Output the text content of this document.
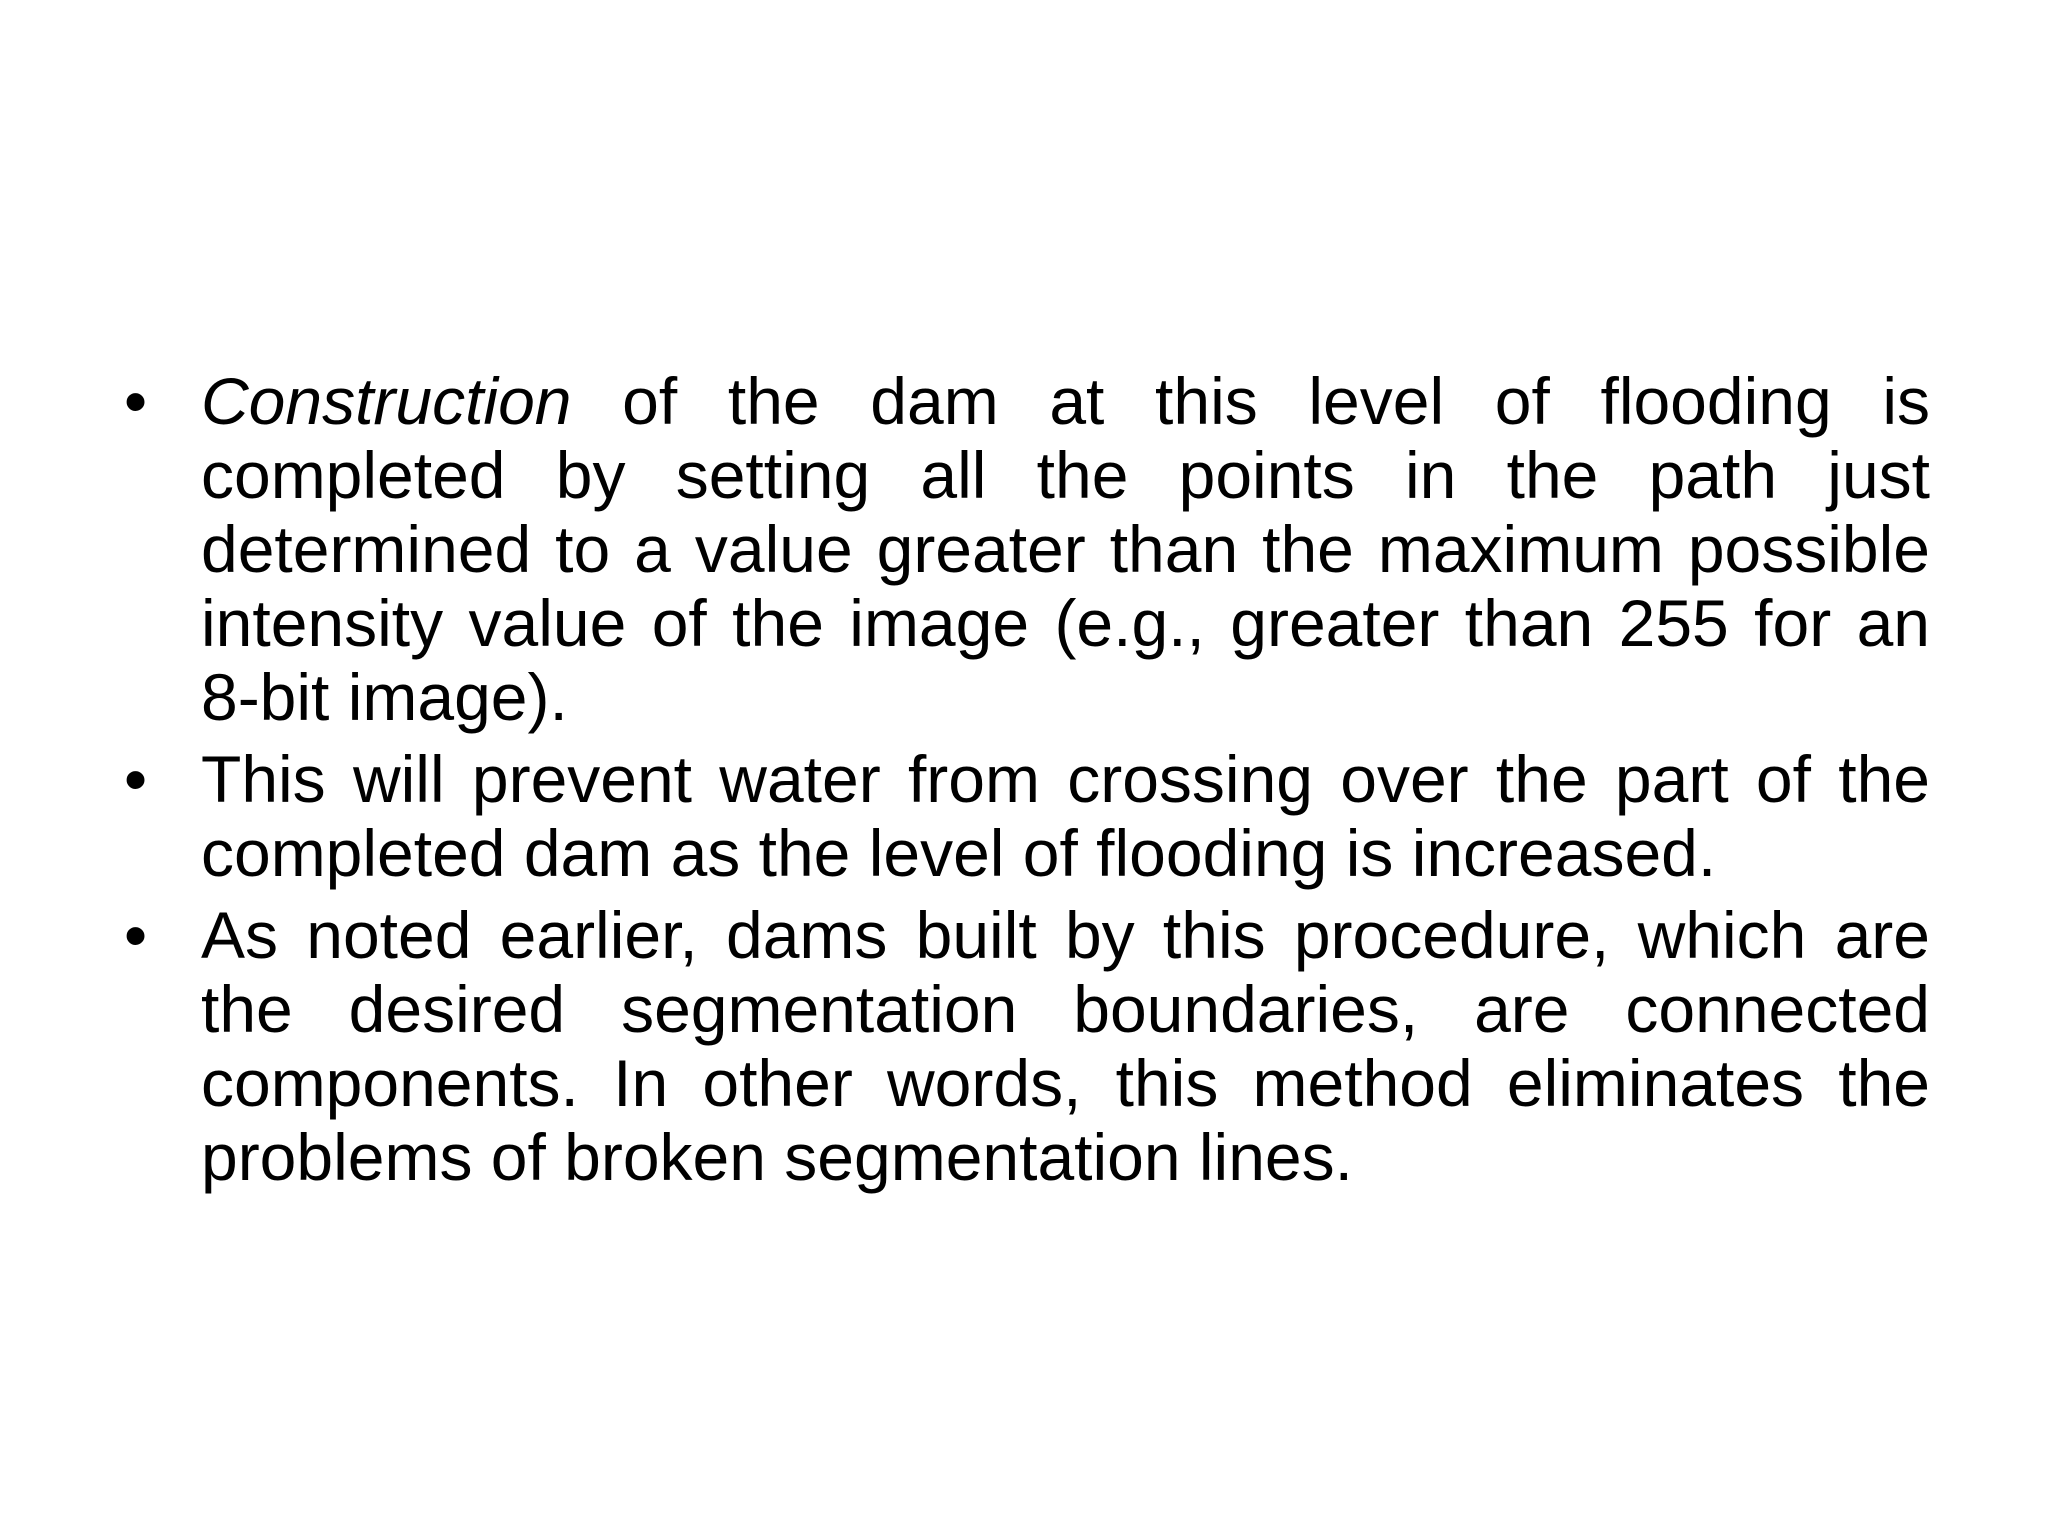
•
Construction of the dam at this level of flooding is completed by setting all the points in the path just determined to a value greater than the maximum possible intensity value of the image (e.g., greater than 255 for an 8-bit image).
•
This will prevent water from crossing over the part of the completed dam as the level of flooding is increased.
•
As noted earlier, dams built by this procedure, which are the desired segmentation boundaries, are connected components. In other words, this method eliminates the problems of broken segmentation lines.
